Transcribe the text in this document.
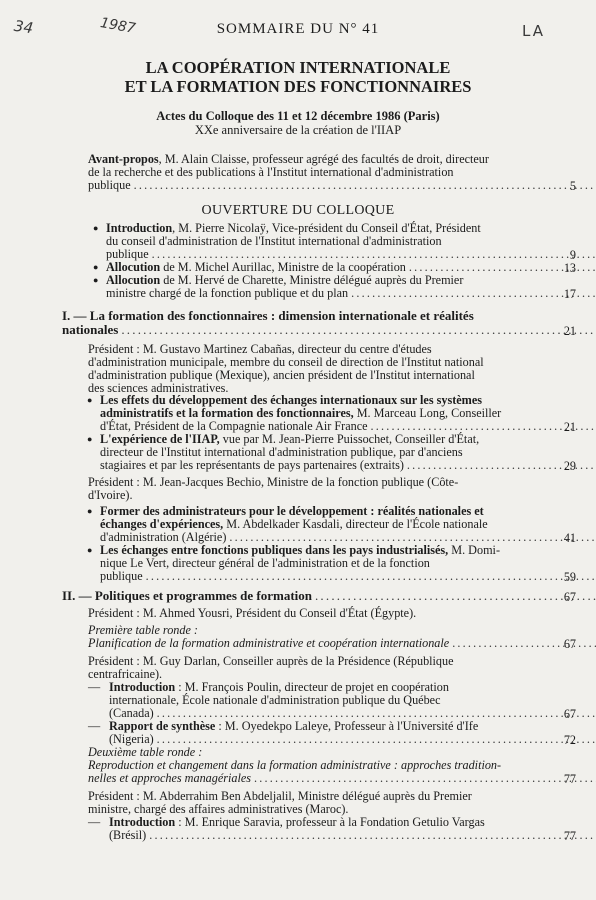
34	1987	LA
SOMMAIRE DU N° 41
LA COOPÉRATION INTERNATIONALE
ET LA FORMATION DES FONCTIONNAIRES
Actes du Colloque des 11 et 12 décembre 1986 (Paris)
XXe anniversaire de la création de l'IIAP
Avant-propos, M. Alain Claisse, professeur agrégé des facultés de droit, directeur
de la recherche et des publications à l'Institut international d'administration
publique .....	5
OUVERTURE DU COLLOQUE
● Introduction, M. Pierre Nicolaÿ, Vice-président du Conseil d'État, Président
du conseil d'administration de l'Institut international d'administration
publique .....	9
● Allocution de M. Michel Aurillac, Ministre de la coopération .....	13
● Allocution de M. Hervé de Charette, Ministre délégué auprès du Premier
ministre chargé de la fonction publique et du plan .....	17
I. — La formation des fonctionnaires : dimension internationale et réalités
nationales .....	21
Président : M. Gustavo Martinez Cabañas, directeur du centre d'études
d'administration municipale, membre du conseil de direction de l'Institut national
d'administration publique (Mexique), ancien président de l'Institut international
des sciences administratives.
● Les effets du développement des échanges internationaux sur les systèmes
administratifs et la formation des fonctionnaires, M. Marceau Long, Conseiller
d'État, Président de la Compagnie nationale Air France .....	21
● L'expérience de l'IIAP, vue par M. Jean-Pierre Puissochet, Conseiller d'État,
directeur de l'Institut international d'administration publique, par d'anciens
stagiaires et par les représentants de pays partenaires (extraits) .....	29
Président : M. Jean-Jacques Bechio, Ministre de la fonction publique (Côte-
d'Ivoire).
● Former des administrateurs pour le développement : réalités nationales et
échanges d'expériences, M. Abdelkader Kasdali, directeur de l'École nationale
d'administration (Algérie) .....	41
● Les échanges entre fonctions publiques dans les pays industrialisés, M. Domi-
nique Le Vert, directeur général de l'administration et de la fonction
publique .....	59
II. — Politiques et programmes de formation .....	67
Président : M. Ahmed Yousri, Président du Conseil d'État (Égypte).
Première table ronde :
Planification de la formation administrative et coopération internationale .....	67
Président : M. Guy Darlan, Conseiller auprès de la Présidence (République
centrafricaine).
— Introduction : M. François Poulin, directeur de projet en coopération
internationale, École nationale d'administration publique du Québec
(Canada) .....	67
— Rapport de synthèse : M. Oyedekpo Laleye, Professeur à l'Université d'Ife
(Nigeria) .....	72
Deuxième table ronde :
Reproduction et changement dans la formation administrative : approches tradition-
nelles et approches managériales .....	77
Président : M. Abderrahim Ben Abdeljalil, Ministre délégué auprès du Premier
ministre, chargé des affaires administratives (Maroc).
— Introduction : M. Enrique Saravia, professeur à la Fondation Getulio Vargas
(Brésil) .....	77
